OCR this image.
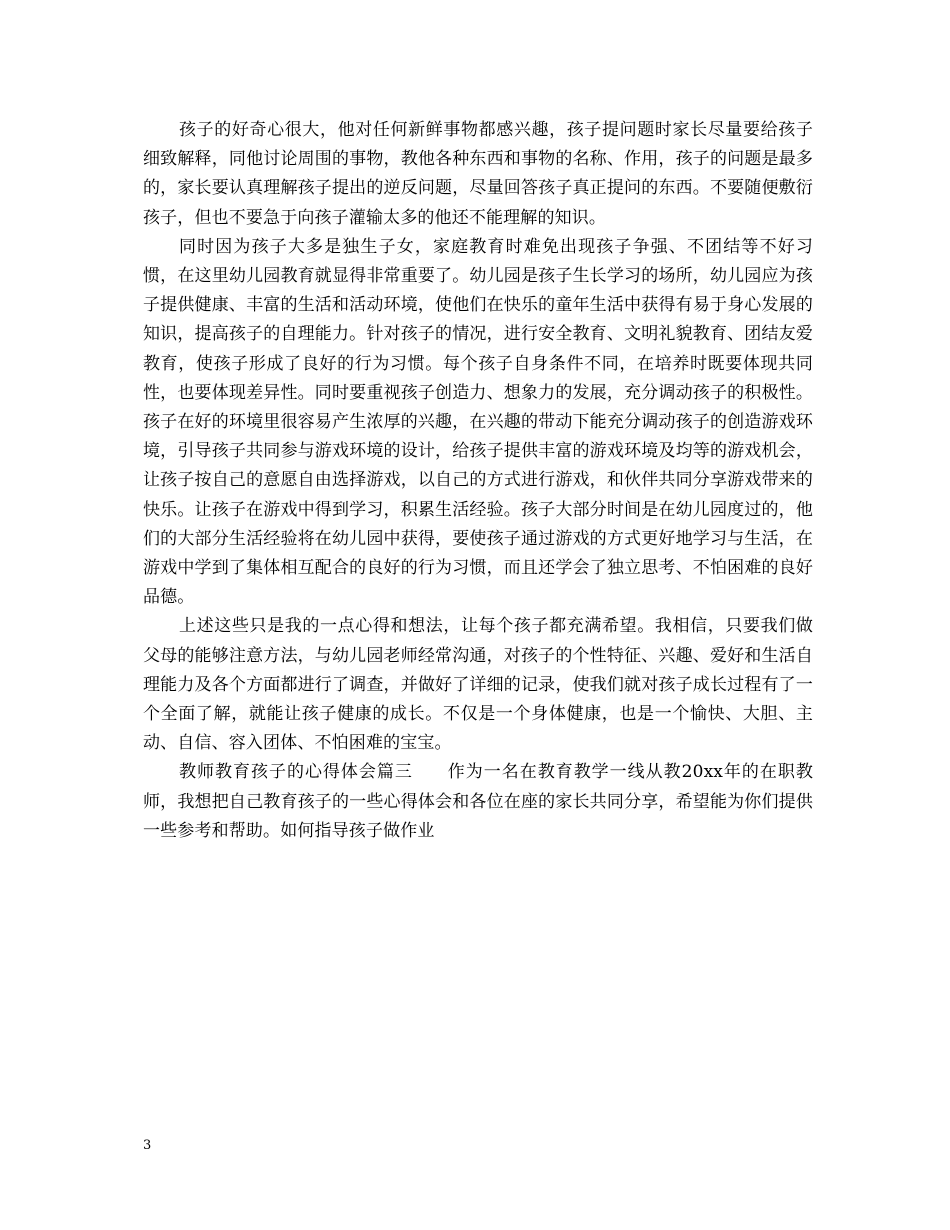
孩子的好奇心很大，他对任何新鲜事物都感兴趣，孩子提问题时家长尽量要给孩子细致解释，同他讨论周围的事物，教他各种东西和事物的名称、作用，孩子的问题是最多的，家长要认真理解孩子提出的逆反问题，尽量回答孩子真正提问的东西。不要随便敷衍孩子，但也不要急于向孩子灌输太多的他还不能理解的知识。

同时因为孩子大多是独生子女，家庭教育时难免出现孩子争强、不团结等不好习惯，在这里幼儿园教育就显得非常重要了。幼儿园是孩子生长学习的场所，幼儿园应为孩子提供健康、丰富的生活和活动环境，使他们在快乐的童年生活中获得有易于身心发展的知识，提高孩子的自理能力。针对孩子的情况，进行安全教育、文明礼貌教育、团结友爱教育，使孩子形成了良好的行为习惯。每个孩子自身条件不同，在培养时既要体现共同性，也要体现差异性。同时要重视孩子创造力、想象力的发展，充分调动孩子的积极性。孩子在好的环境里很容易产生浓厚的兴趣，在兴趣的带动下能充分调动孩子的创造游戏环境，引导孩子共同参与游戏环境的设计，给孩子提供丰富的游戏环境及均等的游戏机会，让孩子按自己的意愿自由选择游戏，以自己的方式进行游戏，和伙伴共同分享游戏带来的快乐。让孩子在游戏中得到学习，积累生活经验。孩子大部分时间是在幼儿园度过的，他们的大部分生活经验将在幼儿园中获得，要使孩子通过游戏的方式更好地学习与生活，在游戏中学到了集体相互配合的良好的行为习惯，而且还学会了独立思考、不怕困难的良好品德。

上述这些只是我的一点心得和想法，让每个孩子都充满希望。我相信，只要我们做父母的能够注意方法，与幼儿园老师经常沟通，对孩子的个性特征、兴趣、爱好和生活自理能力及各个方面都进行了调查，并做好了详细的记录，使我们就对孩子成长过程有了一个全面了解，就能让孩子健康的成长。不仅是一个身体健康，也是一个愉快、大胆、主动、自信、容入团体、不怕困难的宝宝。

教师教育孩子的心得体会篇三 作为一名在教育教学一线从教20xx年的在职教师，我想把自己教育孩子的一些心得体会和各位在座的家长共同分享，希望能为你们提供一些参考和帮助。如何指导孩子做作业

3
